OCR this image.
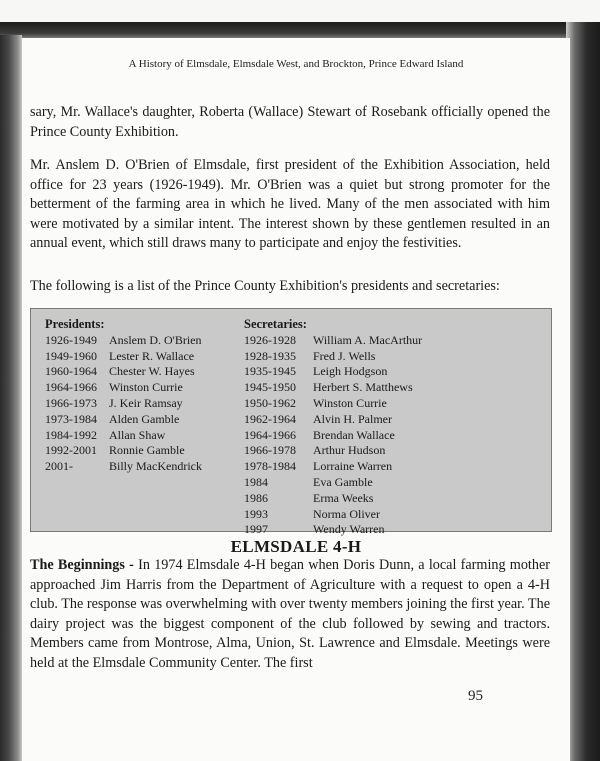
A History of Elmsdale, Elmsdale West, and Brockton, Prince Edward Island
sary, Mr. Wallace's daughter, Roberta (Wallace) Stewart of Rosebank officially opened the Prince County Exhibition.
Mr. Anslem D. O'Brien of Elmsdale, first president of the Exhibition Association, held office for 23 years (1926-1949). Mr. O'Brien was a quiet but strong promoter for the betterment of the farming area in which he lived. Many of the men associated with him were motivated by a similar intent. The interest shown by these gentlemen resulted in an annual event, which still draws many to participate and enjoy the festivities.
The following is a list of the Prince County Exhibition's presidents and secretaries:
Presidents:
1926-1949
1949-1960
1960-1964
1964-1966
1966-1973
1973-1984
1984-1992
1992-2001
2001-

Anslem D. O'Brien
Lester R. Wallace
Chester W. Hayes
Winston Currie
J. Keir Ramsay
Alden Gamble
Allan Shaw
Ronnie Gamble
Billy MacKendrick
Secretaries:
1926-1928
1928-1935
1935-1945
1945-1950
1950-1962
1962-1964
1964-1966
1966-1978
1978-1984
1984
1986
1993
1997

William A. MacArthur
Fred J. Wells
Leigh Hodgson
Herbert S. Matthews
Winston Currie
Alvin H. Palmer
Brendan Wallace
Arthur Hudson
Lorraine Warren
Eva Gamble
Erma Weeks
Norma Oliver
Wendy Warren
ELMSDALE 4-H
The Beginnings - In 1974 Elmsdale 4-H began when Doris Dunn, a local farming mother approached Jim Harris from the Department of Agriculture with a request to open a 4-H club. The response was overwhelming with over twenty members joining the first year. The dairy project was the biggest component of the club followed by sewing and tractors. Members came from Montrose, Alma, Union, St. Lawrence and Elmsdale. Meetings were held at the Elmsdale Community Center. The first
95
